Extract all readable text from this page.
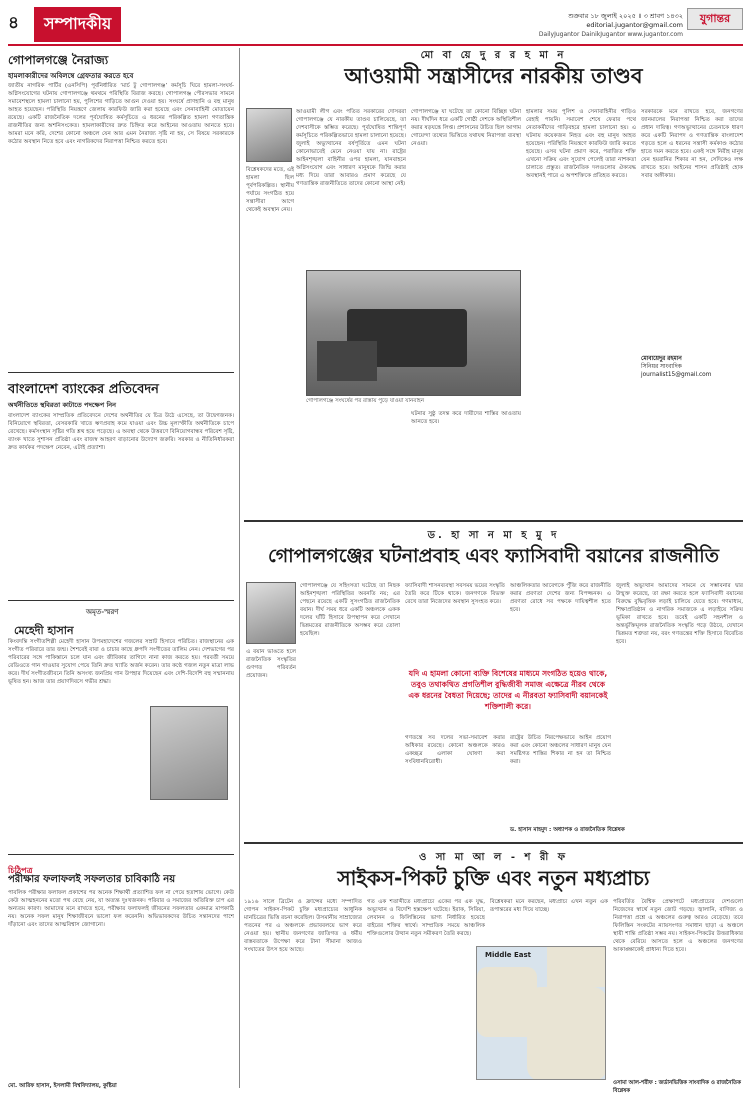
৪	সম্পাদকীয়	শুক্রবার ১৮ জুলাই ২০২৫ ॥ ৩ শ্রাবণ ১৪৩২
editorial.jugantor@gmail.com
DailyJugantor DainikJugantor www.jugantor.com
যুগান্তর
গোপালগঞ্জে নৈরাজ্য
হামলাকারীদের অবিলম্বে গ্রেফতার করতে হবে
জাতীয় নাগরিক পার্টির (এনসিপি) পূর্বনির্ধারিত ‘মার্চ টু গোপালগঞ্জ’ কর্মসূচি ঘিরে হামলা-সংঘর্ষ-অগ্নিসংযোগের ঘটনায় গোপালগঞ্জে থমথমে পরিস্থিতি বিরাজ করছে। গোপালগঞ্জ পৌরসভার সামনে সমাবেশস্থলে হামলা চালানো হয়, পুলিশের গাড়িতে আগুন দেওয়া হয়। সংঘর্ষে প্রাণহানি ও বহু মানুষ আহত হয়েছেন। পরিস্থিতি নিয়ন্ত্রণে জেলায় কারফিউ জারি করা হয়েছে এবং সেনাবাহিনী মোতায়েন রয়েছে। একটি রাজনৈতিক দলের পূর্বঘোষিত কর্মসূচিতে এ ধরনের পরিকল্পিত হামলা গণতান্ত্রিক রাজনীতির জন্য অশনিসংকেত। হামলাকারীদের দ্রুত চিহ্নিত করে আইনের আওতায় আনতে হবে। আমরা মনে করি, দেশের কোনো অঞ্চলে যেন আর এমন নৈরাজ্য সৃষ্টি না হয়, সে বিষয়ে সরকারকে কঠোর অবস্থান নিতে হবে এবং নাগরিকদের নিরাপত্তা নিশ্চিত করতে হবে।
বাংলাদেশ ব্যাংকের প্রতিবেদন
অর্থনীতিতে স্থবিরতা কাটাতে পদক্ষেপ নিন
বাংলাদেশ ব্যাংকের সাম্প্রতিক প্রতিবেদনে দেশের অর্থনীতির যে চিত্র উঠে এসেছে, তা উদ্বেগজনক। বিনিয়োগে স্থবিরতা, বেসরকারি খাতে ঋণপ্রবাহ কমে যাওয়া এবং উচ্চ মূল্যস্ফীতি অর্থনীতিকে চাপে রেখেছে। কর্মসংস্থান সৃষ্টির গতি শ্লথ হয়ে পড়েছে। এ অবস্থা থেকে উত্তরণে বিনিয়োগবান্ধব পরিবেশ সৃষ্টি, ব্যাংক খাতে সুশাসন প্রতিষ্ঠা এবং রাজস্ব আহরণ বাড়ানোর উদ্যোগ জরুরি। সরকার ও নীতিনির্ধারকরা দ্রুত কার্যকর পদক্ষেপ নেবেন, এটাই প্রত্যাশা।
অমৃত-স্মরণ
মেহেদী হাসান
কিংবদন্তি সংগীতশিল্পী মেহেদী হাসান উপমহাদেশের গজলের সম্রাট হিসাবে পরিচিত। রাজস্থানের এক সংগীত পরিবারে তার জন্ম। শৈশবেই বাবা ও চাচার কাছে ধ্রুপদি সংগীতের তালিম নেন। দেশভাগের পর পরিবারের সঙ্গে পাকিস্তানে চলে যান এবং জীবিকার তাগিদে নানা কাজ করতে হয়। পরবর্তী সময়ে রেডিওতে গান গাওয়ার সুযোগ পেয়ে তিনি দ্রুত খ্যাতি অর্জন করেন। তার কণ্ঠে গজল নতুন মাত্রা লাভ করে। দীর্ঘ সংগীতজীবনে তিনি অসংখ্য জনপ্রিয় গান উপহার দিয়েছেন এবং দেশি-বিদেশি বহু সম্মাননায় ভূষিত হন। আজ তার প্রয়াণদিবসে গভীর শ্রদ্ধা।
চিঠিপত্র
পরীক্ষার ফলাফলই সফলতার চাবিকাঠি নয়
পাবলিক পরীক্ষার ফলাফল প্রকাশের পর অনেক শিক্ষার্থী প্রত্যাশিত ফল না পেয়ে হতাশায় ভোগে। কেউ কেউ আত্মহননের মতো পথ বেছে নেয়, যা অত্যন্ত দুঃখজনক। পরিবার ও সমাজের অতিরিক্ত চাপ এর অন্যতম কারণ। আমাদের মনে রাখতে হবে, পরীক্ষার ফলাফলই জীবনের সফলতার একমাত্র মাপকাঠি নয়। অনেক সফল মানুষ শিক্ষাজীবনে ভালো ফল করেননি। অভিভাবকদের উচিত সন্তানদের পাশে দাঁড়ানো এবং তাদের আত্মবিশ্বাস জোগানো।
মো. আরিফ হাসান, ইসলামী বিশ্ববিদ্যালয়, কুষ্টিয়া
মো বা য়ে দু র র হ মা ন
আওয়ামী সন্ত্রাসীদের নারকীয় তাণ্ডব
বিশ্লেষকদের মতে, এই হামলা ছিল পূর্বপরিকল্পিত। স্থানীয় পর্যায়ে সংগঠিত হয়ে সন্ত্রাসীরা আগে থেকেই অবস্থান নেয়।
আওয়ামী লীগ এবং পতিত সরকারের দোসররা গোপালগঞ্জে যে নারকীয় তাণ্ডব চালিয়েছে, তা দেশবাসীকে স্তম্ভিত করেছে। পূর্বঘোষিত শান্তিপূর্ণ কর্মসূচিতে পরিকল্পিতভাবে হামলা চালানো হয়েছে। জুলাই অভ্যুত্থানের বর্ষপূর্তিতে এমন ঘটনা কোনোভাবেই মেনে নেওয়া যায় না। রাষ্ট্রের আইনশৃঙ্খলা বাহিনীর ওপর হামলা, যানবাহনে অগ্নিসংযোগ এবং সাধারণ মানুষকে জিম্মি করার মধ্য দিয়ে তারা আবারও প্রমাণ করেছে যে গণতান্ত্রিক রাজনীতিতে তাদের কোনো আস্থা নেই।
গোপালগঞ্জে যা ঘটেছে তা কোনো বিচ্ছিন্ন ঘটনা নয়। দীর্ঘদিন ধরে একটি গোষ্ঠী দেশকে অস্থিতিশীল করার ষড়যন্ত্রে লিপ্ত। প্রশাসনের উচিত ছিল আগাম গোয়েন্দা তথ্যের ভিত্তিতে যথাযথ নিরাপত্তা ব্যবস্থা নেওয়া।
গোপালগঞ্জে সংঘর্ষের পর রাস্তায় পুড়ে যাওয়া যানবাহন
ঘটনার সুষ্ঠু তদন্ত করে দায়ীদের শাস্তির আওতায় আনতে হবে।
হামলার সময় পুলিশ ও সেনাবাহিনীর গাড়িও রেহাই পায়নি। সমাবেশ শেষে ফেরার পথে নেতাকর্মীদের গাড়িবহরে হামলা চালানো হয়। এ ঘটনায় কয়েকজন নিহত এবং বহু মানুষ আহত হয়েছেন। পরিস্থিতি নিয়ন্ত্রণে কারফিউ জারি করতে হয়েছে। এসব ঘটনা প্রমাণ করে, পরাজিত শক্তি এখনো সক্রিয় এবং সুযোগ পেলেই তারা নাশকতা চালাতে প্রস্তুত। রাজনৈতিক দলগুলোর ঐক্যবদ্ধ অবস্থানই পারে এ অপশক্তিকে প্রতিহত করতে।
সরকারকে মনে রাখতে হবে, জনগণের জানমালের নিরাপত্তা নিশ্চিত করা তাদের প্রধান দায়িত্ব। গণঅভ্যুত্থানের চেতনাকে ধারণ করে একটি নিরাপদ ও গণতান্ত্রিক বাংলাদেশ গড়তে হলে এ ধরনের সন্ত্রাসী কর্মকাণ্ড কঠোর হাতে দমন করতে হবে। একই সঙ্গে নিরীহ মানুষ যেন হয়রানির শিকার না হন, সেদিকেও লক্ষ রাখতে হবে। আইনের শাসন প্রতিষ্ঠাই হোক সবার অঙ্গীকার।
মোবায়েদুর রহমান
সিনিয়র সাংবাদিক
journalist15@gmail.com
ড. হা সা ন মা হ মু দ
গোপালগঞ্জের ঘটনাপ্রবাহ এবং ফ্যাসিবাদী বয়ানের রাজনীতি
গোপালগঞ্জে যে সহিংসতা ঘটেছে তা নিছক আইনশৃঙ্খলা পরিস্থিতির অবনতি নয়; এর পেছনে রয়েছে একটি সুসংগঠিত রাজনৈতিক বয়ান। দীর্ঘ সময় ধরে একটি অঞ্চলকে একক দলের ঘাঁটি হিসাবে উপস্থাপন করে সেখানে ভিন্নমতের রাজনীতিকে অসম্ভব করে তোলা হয়েছিল।
এ বয়ান ভাঙতে হলে রাজনৈতিক সংস্কৃতির গুণগত পরিবর্তন প্রয়োজন।
ফ্যাসিবাদী শাসনব্যবস্থা সবসময় ভয়ের সংস্কৃতি তৈরি করে টিকে থাকে। জনগণকে বিভক্ত রেখে তারা নিজেদের অবস্থান সুসংহত করে।
যদি এ হামলা কোনো ব্যক্তি বিশেষের মাধ্যমে সংগঠিত হয়েও থাকে, তবুও তথাকথিত প্রগতিশীল বুদ্ধিজীবী সমাজ এক্ষেত্রে নীরব থেকে এক ধরনের বৈধতা দিয়েছে; তাদের এ নীরবতা ফ্যাসিবাদী বয়ানকেই শক্তিশালী করে।
গণতন্ত্রে সব দলের সভা-সমাবেশ করার অধিকার রয়েছে। কোনো অঞ্চলকে কারও একচ্ছত্র এলাকা ঘোষণা করা সংবিধানবিরোধী।
আঞ্চলিকতার আবেগকে পুঁজি করে রাজনীতি করার প্রবণতা দেশের জন্য বিপজ্জনক। এ প্রবণতা রোধে সব পক্ষকে দায়িত্বশীল হতে হবে।
রাষ্ট্রের উচিত নিরপেক্ষভাবে আইন প্রয়োগ করা এবং কোনো অঞ্চলের সাধারণ মানুষ যেন সমষ্টিগত শাস্তির শিকার না হন তা নিশ্চিত করা।
জুলাই অভ্যুত্থান আমাদের সামনে যে সম্ভাবনার দ্বার উন্মুক্ত করেছে, তা রক্ষা করতে হলে ফ্যাসিবাদী বয়ানের বিরুদ্ধে বুদ্ধিবৃত্তিক লড়াই চালিয়ে যেতে হবে। গণমাধ্যম, শিক্ষাপ্রতিষ্ঠান ও নাগরিক সমাজকে এ লড়াইয়ে সক্রিয় ভূমিকা রাখতে হবে। তবেই একটি সহনশীল ও অন্তর্ভুক্তিমূলক রাজনৈতিক সংস্কৃতি গড়ে উঠবে, যেখানে ভিন্নমত শত্রুতা নয়, বরং গণতন্ত্রের শক্তি হিসাবে বিবেচিত হবে।
ড. হাসান মাহমুদ : অধ্যাপক ও রাজনৈতিক বিশ্লেষক
ও সা মা আ ল - শ রী ফ
সাইকস-পিকট চুক্তি এবং নতুন মধ্যপ্রাচ্য
১৯১৬ সালে ব্রিটেন ও ফ্রান্সের মধ্যে সম্পাদিত গোপন সাইকস-পিকট চুক্তি মধ্যপ্রাচ্যের আধুনিক মানচিত্রের ভিত্তি রচনা করেছিল। উসমানীয় সাম্রাজ্যের পতনের পর এ অঞ্চলকে প্রভাববলয়ে ভাগ করে নেওয়া হয়। স্থানীয় জনগণের জাতিগত ও ধর্মীয় বাস্তবতাকে উপেক্ষা করে টানা সীমানা আজও সংঘাতের উৎস হয়ে আছে।
গত এক শতাব্দীতে মধ্যপ্রাচ্যে একের পর এক যুদ্ধ, অভ্যুত্থান ও বিদেশি হস্তক্ষেপ ঘটেছে। ইরাক, সিরিয়া, লেবানন ও ফিলিস্তিনের ভাগ্য নির্ধারিত হয়েছে বাইরের শক্তির স্বার্থে। সাম্প্রতিক সময়ে আঞ্চলিক শক্তিগুলোর উত্থান নতুন সমীকরণ তৈরি করছে।
বিশ্লেষকরা মনে করছেন, মধ্যপ্রাচ্য এখন নতুন এক রূপান্তরের মধ্য দিয়ে যাচ্ছে।
Middle East
পরিবর্তিত বৈশ্বিক প্রেক্ষাপটে মধ্যপ্রাচ্যের দেশগুলো নিজেদের স্বার্থে নতুন জোট গড়ছে। জ্বালানি, বাণিজ্য ও নিরাপত্তা প্রশ্নে এ অঞ্চলের গুরুত্ব আরও বেড়েছে। তবে ফিলিস্তিন সংকটের ন্যায়সংগত সমাধান ছাড়া এ অঞ্চলে স্থায়ী শান্তি প্রতিষ্ঠা সম্ভব নয়। সাইকস-পিকটের উত্তরাধিকার থেকে বেরিয়ে আসতে হলে এ অঞ্চলের জনগণের আকাঙ্ক্ষাকেই প্রাধান্য দিতে হবে।
ওসামা আল-শরীফ : জর্ডানভিত্তিক সাংবাদিক ও রাজনৈতিক বিশ্লেষক
